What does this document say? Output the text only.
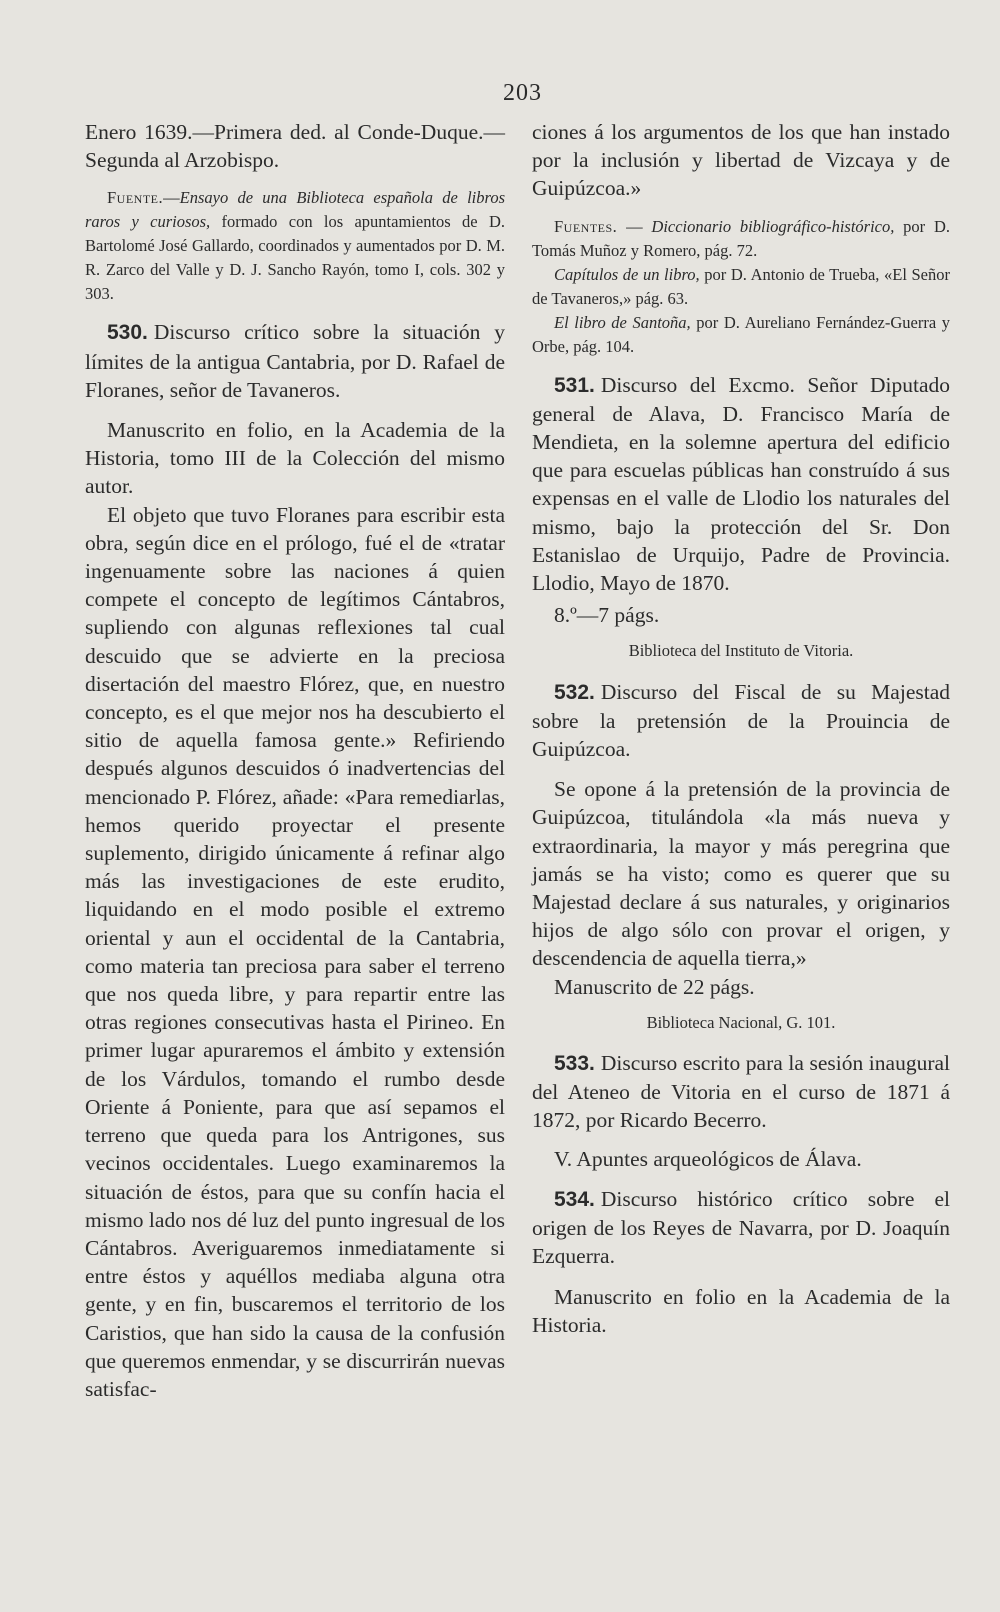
203

Enero 1639.—Primera ded. al Conde-Duque.—Segunda al Arzobispo.

Fuente.—Ensayo de una Biblioteca española de libros raros y curiosos, formado con los apuntamientos de D. Bartolomé José Gallardo, coordinados y aumentados por D. M. R. Zarco del Valle y D. J. Sancho Rayón, tomo I, cols. 302 y 303.

530. Discurso crítico sobre la situación y límites de la antigua Cantabria, por D. Rafael de Floranes, señor de Tavaneros.

Manuscrito en folio, en la Academia de la Historia, tomo III de la Colección del mismo autor.

El objeto que tuvo Floranes para escribir esta obra, según dice en el prólogo, fué el de «tratar ingenuamente sobre las naciones á quien compete el concepto de legítimos Cántabros, supliendo con algunas reflexiones tal cual descuido que se advierte en la preciosa disertación del maestro Flórez, que, en nuestro concepto, es el que mejor nos ha descubierto el sitio de aquella famosa gente.» Refiriendo después algunos descuidos ó inadvertencias del mencionado P. Flórez, añade: «Para remediarlas, hemos querido proyectar el presente suplemento, dirigido únicamente á refinar algo más las investigaciones de este erudito, liquidando en el modo posible el extremo oriental y aun el occidental de la Cantabria, como materia tan preciosa para saber el terreno que nos queda libre, y para repartir entre las otras regiones consecutivas hasta el Pirineo. En primer lugar apuraremos el ámbito y extensión de los Várdulos, tomando el rumbo desde Oriente á Poniente, para que así sepamos el terreno que queda para los Antrigones, sus vecinos occidentales. Luego examinaremos la situación de éstos, para que su confín hacia el mismo lado nos dé luz del punto ingresual de los Cántabros. Averiguaremos inmediatamente si entre éstos y aquéllos mediaba alguna otra gente, y en fin, buscaremos el territorio de los Caristios, que han sido la causa de la confusión que queremos enmendar, y se discurrirán nuevas satisfac-

ciones á los argumentos de los que han instado por la inclusión y libertad de Vizcaya y de Guipúzcoa.»

Fuentes. — Diccionario bibliográfico-histórico, por D. Tomás Muñoz y Romero, pág. 72.

Capítulos de un libro, por D. Antonio de Trueba, «El Señor de Tavaneros,» pág. 63.

El libro de Santoña, por D. Aureliano Fernández-Guerra y Orbe, pág. 104.

531. Discurso del Excmo. Señor Diputado general de Alava, D. Francisco María de Mendieta, en la solemne apertura del edificio que para escuelas públicas han construído á sus expensas en el valle de Llodio los naturales del mismo, bajo la protección del Sr. Don Estanislao de Urquijo, Padre de Provincia. Llodio, Mayo de 1870.

8.º—7 págs.

Biblioteca del Instituto de Vitoria.

532. Discurso del Fiscal de su Majestad sobre la pretensión de la Prouincia de Guipúzcoa.

Se opone á la pretensión de la provincia de Guipúzcoa, titulándola «la más nueva y extraordinaria, la mayor y más peregrina que jamás se ha visto; como es querer que su Majestad declare á sus naturales, y originarios hijos de algo sólo con provar el origen, y descendencia de aquella tierra,»

Manuscrito de 22 págs.

Biblioteca Nacional, G. 101.

533. Discurso escrito para la sesión inaugural del Ateneo de Vitoria en el curso de 1871 á 1872, por Ricardo Becerro.

V. Apuntes arqueológicos de Álava.

534. Discurso histórico crítico sobre el origen de los Reyes de Navarra, por D. Joaquín Ezquerra.

Manuscrito en folio en la Academia de la Historia.
